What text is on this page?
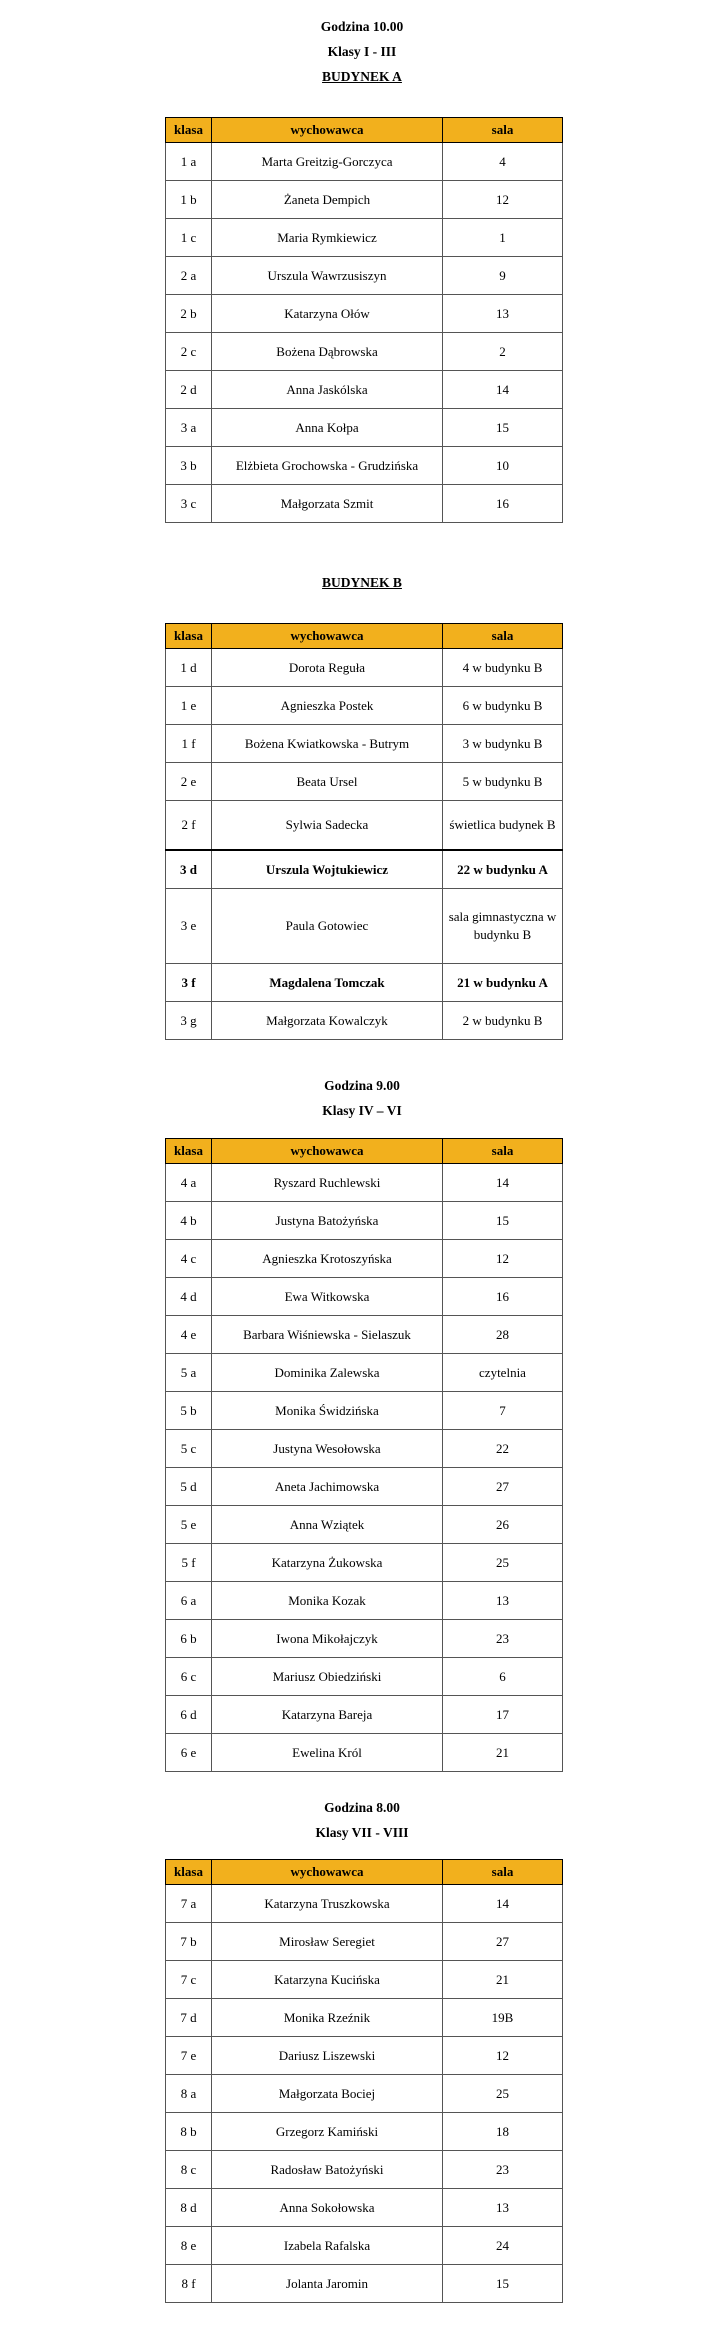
Godzina 10.00
Klasy I - III
BUDYNEK A
klasa	wychowawca	sala
1 a	Marta Greitzig-Gorczyca	4
1 b	Żaneta Dempich	12
1 c	Maria Rymkiewicz	1
2 a	Urszula Wawrzusiszyn	9
2 b	Katarzyna Ołów	13
2 c	Bożena Dąbrowska	2
2 d	Anna Jaskólska	14
3 a	Anna Kołpa	15
3 b	Elżbieta Grochowska - Grudzińska	10
3 c	Małgorzata Szmit	16
BUDYNEK B
klasa	wychowawca	sala
1 d	Dorota Reguła	4 w budynku B
1 e	Agnieszka Postek	6 w budynku B
1 f	Bożena Kwiatkowska - Butrym	3 w budynku B
2 e	Beata Ursel	5 w budynku B
2 f	Sylwia Sadecka	świetlica budynek B
3 d	Urszula Wojtukiewicz	22 w budynku A
3 e	Paula Gotowiec	sala gimnastyczna w budynku B
3 f	Magdalena Tomczak	21 w budynku A
3 g	Małgorzata Kowalczyk	2 w budynku B
Godzina 9.00
Klasy IV – VI
klasa	wychowawca	sala
4 a	Ryszard Ruchlewski	14
4 b	Justyna Batożyńska	15
4 c	Agnieszka Krotoszyńska	12
4 d	Ewa Witkowska	16
4 e	Barbara Wiśniewska - Sielaszuk	28
5 a	Dominika Zalewska	czytelnia
5 b	Monika Świdzińska	7
5 c	Justyna Wesołowska	22
5 d	Aneta Jachimowska	27
5 e	Anna Wziątek	26
5 f	Katarzyna Żukowska	25
6 a	Monika Kozak	13
6 b	Iwona Mikołajczyk	23
6 c	Mariusz Obiedziński	6
6 d	Katarzyna Bareja	17
6 e	Ewelina Król	21
Godzina 8.00
Klasy VII - VIII
klasa	wychowawca	sala
7 a	Katarzyna Truszkowska	14
7 b	Mirosław Seregiet	27
7 c	Katarzyna Kucińska	21
7 d	Monika Rzeźnik	19B
7 e	Dariusz Liszewski	12
8 a	Małgorzata Bociej	25
8 b	Grzegorz Kamiński	18
8 c	Radosław Batożyński	23
8 d	Anna Sokołowska	13
8 e	Izabela Rafalska	24
8 f	Jolanta Jaromin	15
